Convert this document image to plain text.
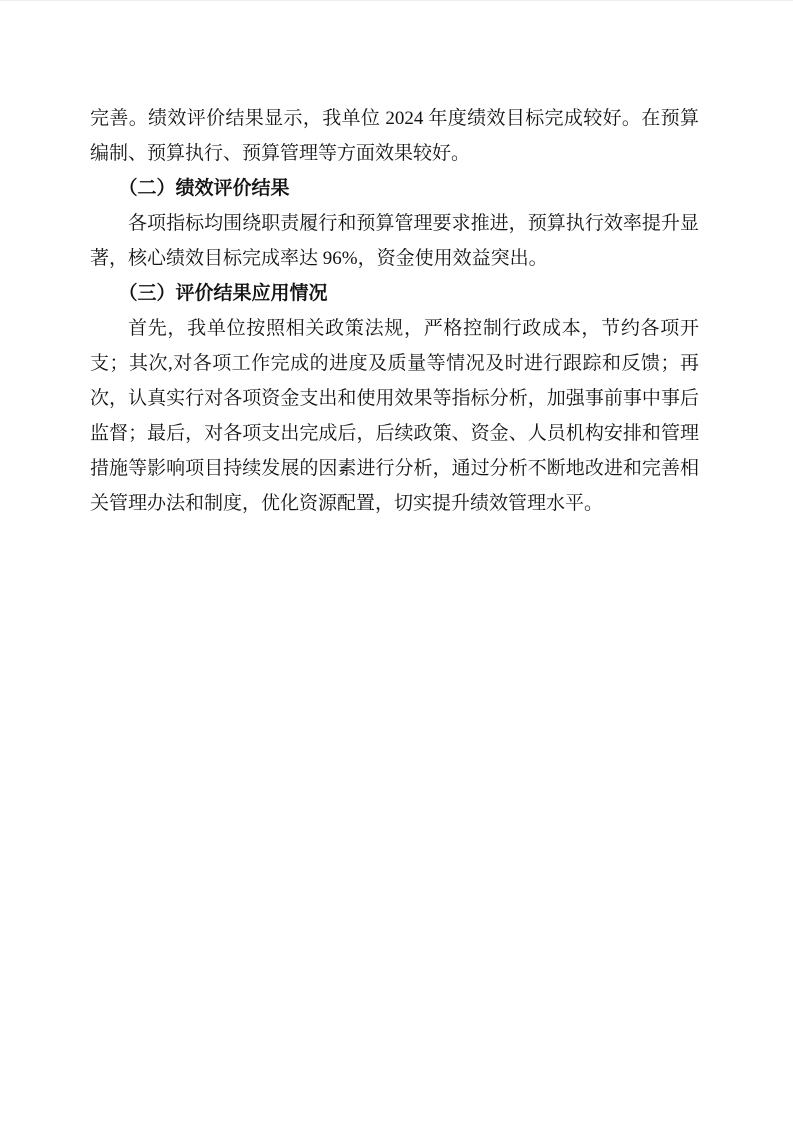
完善。绩效评价结果显示，我单位 2024 年度绩效目标完成较好。在预算编制、预算执行、预算管理等方面效果较好。

（二）绩效评价结果

各项指标均围绕职责履行和预算管理要求推进，预算执行效率提升显著，核心绩效目标完成率达 96%，资金使用效益突出。

（三）评价结果应用情况

首先，我单位按照相关政策法规，严格控制行政成本，节约各项开支；其次,对各项工作完成的进度及质量等情况及时进行跟踪和反馈；再次，认真实行对各项资金支出和使用效果等指标分析，加强事前事中事后监督；最后，对各项支出完成后，后续政策、资金、人员机构安排和管理措施等影响项目持续发展的因素进行分析，通过分析不断地改进和完善相关管理办法和制度，优化资源配置，切实提升绩效管理水平。
